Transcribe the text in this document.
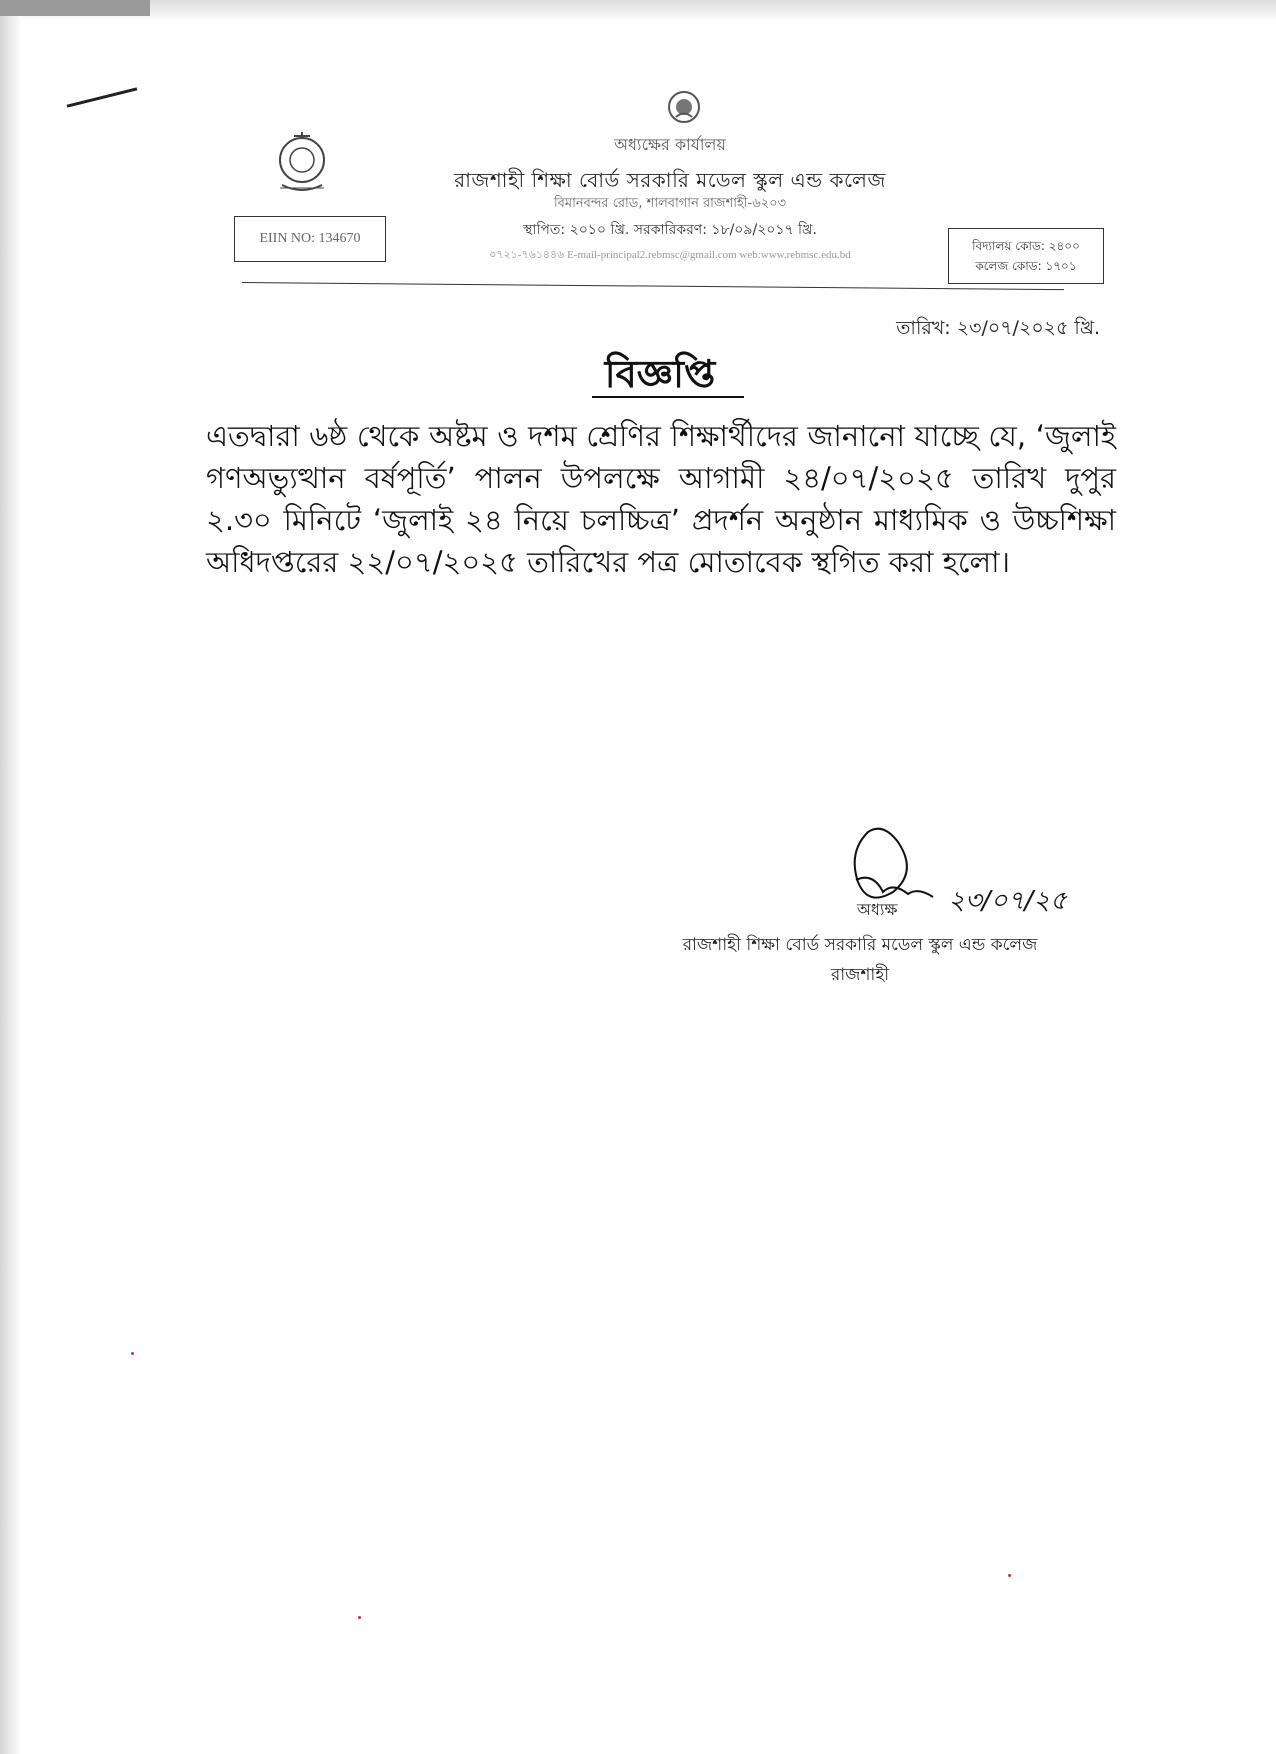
অধ্যক্ষের কার্যালয়
রাজশাহী শিক্ষা বোর্ড সরকারি মডেল স্কুল এন্ড কলেজ
বিমানবন্দর রোড, শালবাগান রাজশাহী-৬২০৩
স্থাপিত: ২০১০ খ্রি. সরকারিকরণ: ১৮/০৯/২০১৭ খ্রি.
০৭২১-৭৬১৪৪৬ E-mail-principal2.rebmsc@gmail.com web:www.rebmsc.edu.bd
EIIN NO: 134670	বিদ্যালয় কোড: ২৪০০
কলেজ কোড: ১৭০১
তারিখ: ২৩/০৭/২০২৫ খ্রি.
বিজ্ঞপ্তি
এতদ্বারা ৬ষ্ঠ থেকে অষ্টম ও দশম শ্রেণির শিক্ষার্থীদের জানানো যাচ্ছে যে, ‘জুলাই গণঅভ্যুত্থান বর্ষপূর্তি’ পালন উপলক্ষে আগামী ২৪/০৭/২০২৫ তারিখ দুপুর ২.৩০ মিনিটে ‘জুলাই ২৪ নিয়ে চলচ্চিত্র’ প্রদর্শন অনুষ্ঠান মাধ্যমিক ও উচ্চশিক্ষা অধিদপ্তরের ২২/০৭/২০২৫ তারিখের পত্র মোতাবেক স্থগিত করা হলো।
২৩/০৭/২৫
অধ্যক্ষ
রাজশাহী শিক্ষা বোর্ড সরকারি মডেল স্কুল এন্ড কলেজ
রাজশাহী
